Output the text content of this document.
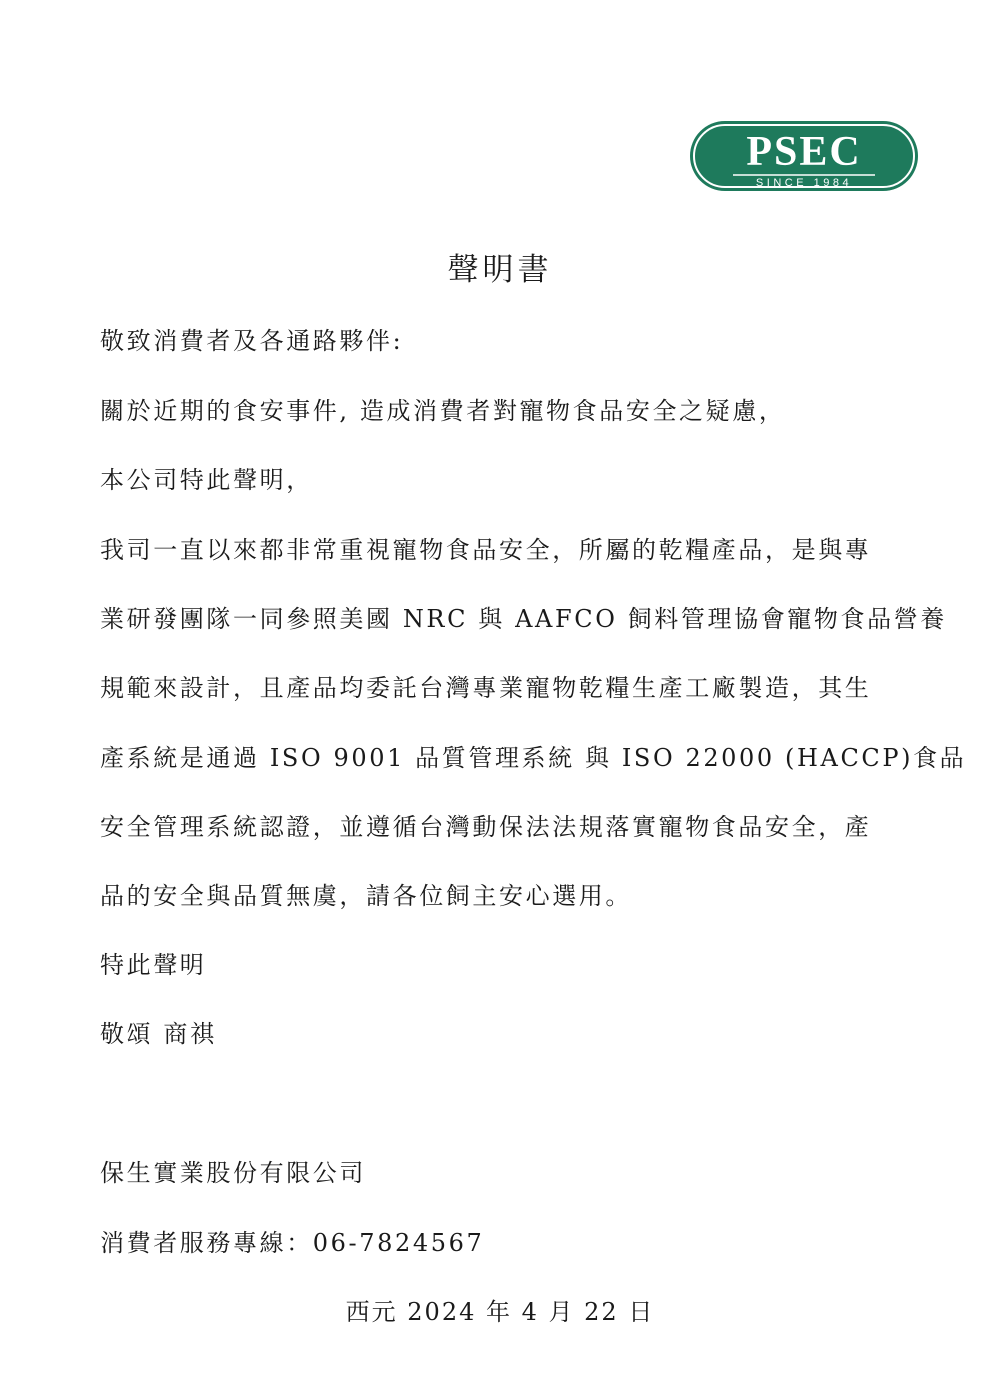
PSEC
SINCE 1984
聲明書
敬致消費者及各通路夥伴:
關於近期的食安事件, 造成消費者對寵物食品安全之疑慮，
本公司特此聲明，
我司一直以來都非常重視寵物食品安全，所屬的乾糧產品，是與專
業研發團隊一同參照美國 NRC 與 AAFCO 飼料管理協會寵物食品營養
規範來設計，且產品均委託台灣專業寵物乾糧生產工廠製造，其生
產系統是通過 ISO 9001 品質管理系統 與 ISO 22000 (HACCP)食品
安全管理系統認證，並遵循台灣動保法法規落實寵物食品安全，產
品的安全與品質無虞，請各位飼主安心選用。
特此聲明
敬頌 商祺
保生實業股份有限公司
消費者服務專線：06-7824567
西元 2024 年 4 月 22 日
